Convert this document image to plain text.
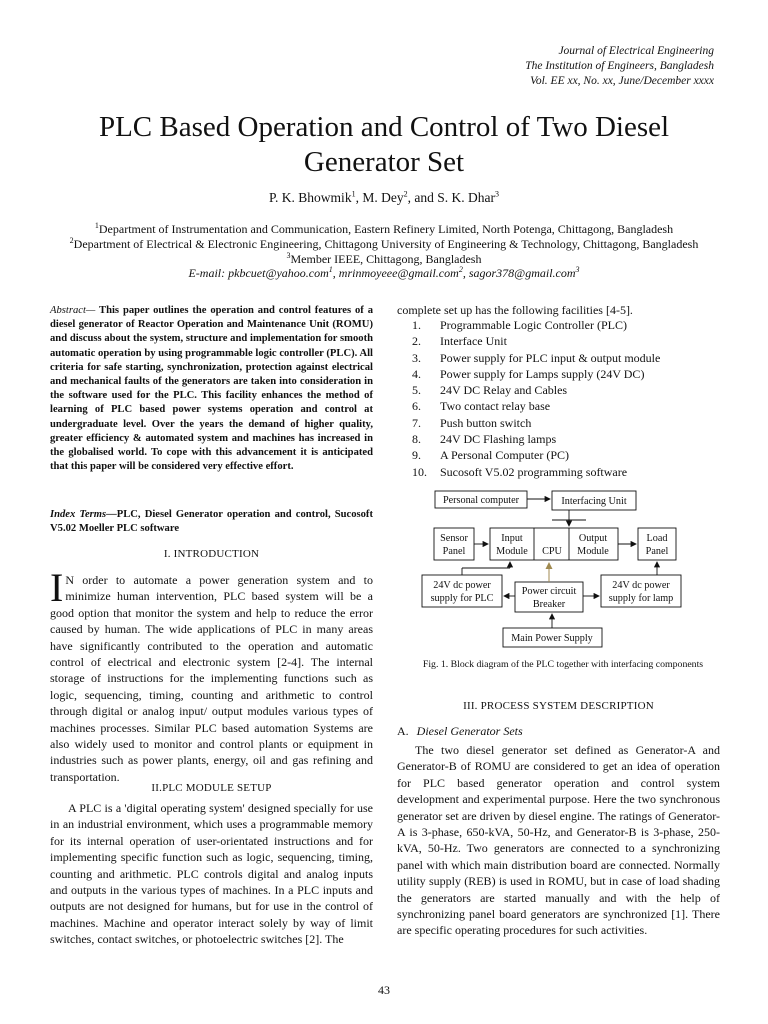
Journal of Electrical Engineering
The Institution of Engineers, Bangladesh
Vol. EE xx, No. xx, June/December xxxx
PLC Based Operation and Control of Two Diesel Generator Set
P. K. Bhowmik$^1$, M. Dey$^2$, and S. K. Dhar$^3$
$^1$Department of Instrumentation and Communication, Eastern Refinery Limited, North Potenga, Chittagong, Bangladesh
$^2$Department of Electrical & Electronic Engineering, Chittagong University of Engineering & Technology, Chittagong, Bangladesh
$^3$Member IEEE, Chittagong, Bangladesh
E-mail: pkbcuet@yahoo.com$^1$, mrinmoyeee@gmail.com$^2$, sagor378@gmail.com$^3$
Abstract— This paper outlines the operation and control features of a diesel generator of Reactor Operation and Maintenance Unit (ROMU) and discuss about the system, structure and implementation for smooth automatic operation by using programmable logic controller (PLC). All criteria for safe starting, synchronization, protection against electrical and mechanical faults of the generators are taken into consideration in the software used for the PLC. This facility enhances the method of learning of PLC based power systems operation and control at undergraduate level. Over the years the demand of higher quality, greater efficiency & automated system and machines has increased in the globalised world. To cope with this advancement it is anticipated that this paper will be considered very effective effort.
Index Terms—PLC, Diesel Generator operation and control, Sucosoft V5.02 Moeller PLC software
I. INTRODUCTION
I N order to automate a power generation system and to minimize human intervention, PLC based system will be a good option that monitor the system and help to reduce the error caused by human. The wide applications of PLC in many areas have significantly contributed to the operation and automatic control of electrical and electronic system [2-4]. The internal storage of instructions for the implementing functions such as logic, sequencing, timing, counting and arithmetic to control through digital or analog input/ output modules various types of machines processes. Similar PLC based automation Systems are also widely used to monitor and control plants or equipment in industries such as power plants, energy, oil and gas refining and transportation.
II.PLC MODULE SETUP
A PLC is a 'digital operating system' designed specially for use in an industrial environment, which uses a programmable memory for its internal operation of user-orientated instructions and for implementing specific function such as logic, sequencing, timing, counting and arithmetic. PLC controls digital and analog inputs and outputs in the various types of machines. In a PLC inputs and outputs are not designed for humans, but for use in the control of machines. Machine and operator interact solely by way of limit switches, contact switches, or photoelectric switches [2]. The
complete set up has the following facilities [4-5].
1. Programmable Logic Controller (PLC)
2. Interface Unit
3. Power supply for PLC input & output module
4. Power supply for Lamps supply (24V DC)
5. 24V DC Relay and Cables
6. Two contact relay base
7. Push button switch
8. 24V DC Flashing lamps
9. A Personal Computer (PC)
10. Sucosoft V5.02 programming software
Personal computer	Interfacing Unit
Sensor
Panel
Input
Module CPU
Output
Module
Load
Panel
24V dc power
supply for PLC
Power circuit
Breaker
24V dc power
supply for lamp
Main Power Supply
Fig. 1. Block diagram of the PLC together with interfacing components
III. PROCESS SYSTEM DESCRIPTION
A. Diesel Generator Sets
The two diesel generator set defined as Generator-A and Generator-B of ROMU are considered to get an idea of operation for PLC based generator operation and control system development and experimental purpose. Here the two synchronous generator set are driven by diesel engine. The ratings of Generator-A is 3-phase, 650-kVA, 50-Hz, and Generator-B is 3-phase, 250-kVA, 50-Hz. Two generators are connected to a synchronizing panel with which main distribution board are connected. Normally utility supply (REB) is used in ROMU, but in case of load shading the generators are started manually and with the help of synchronizing panel board generators are synchronized [1]. There are specific operating procedures for such activities.
43
